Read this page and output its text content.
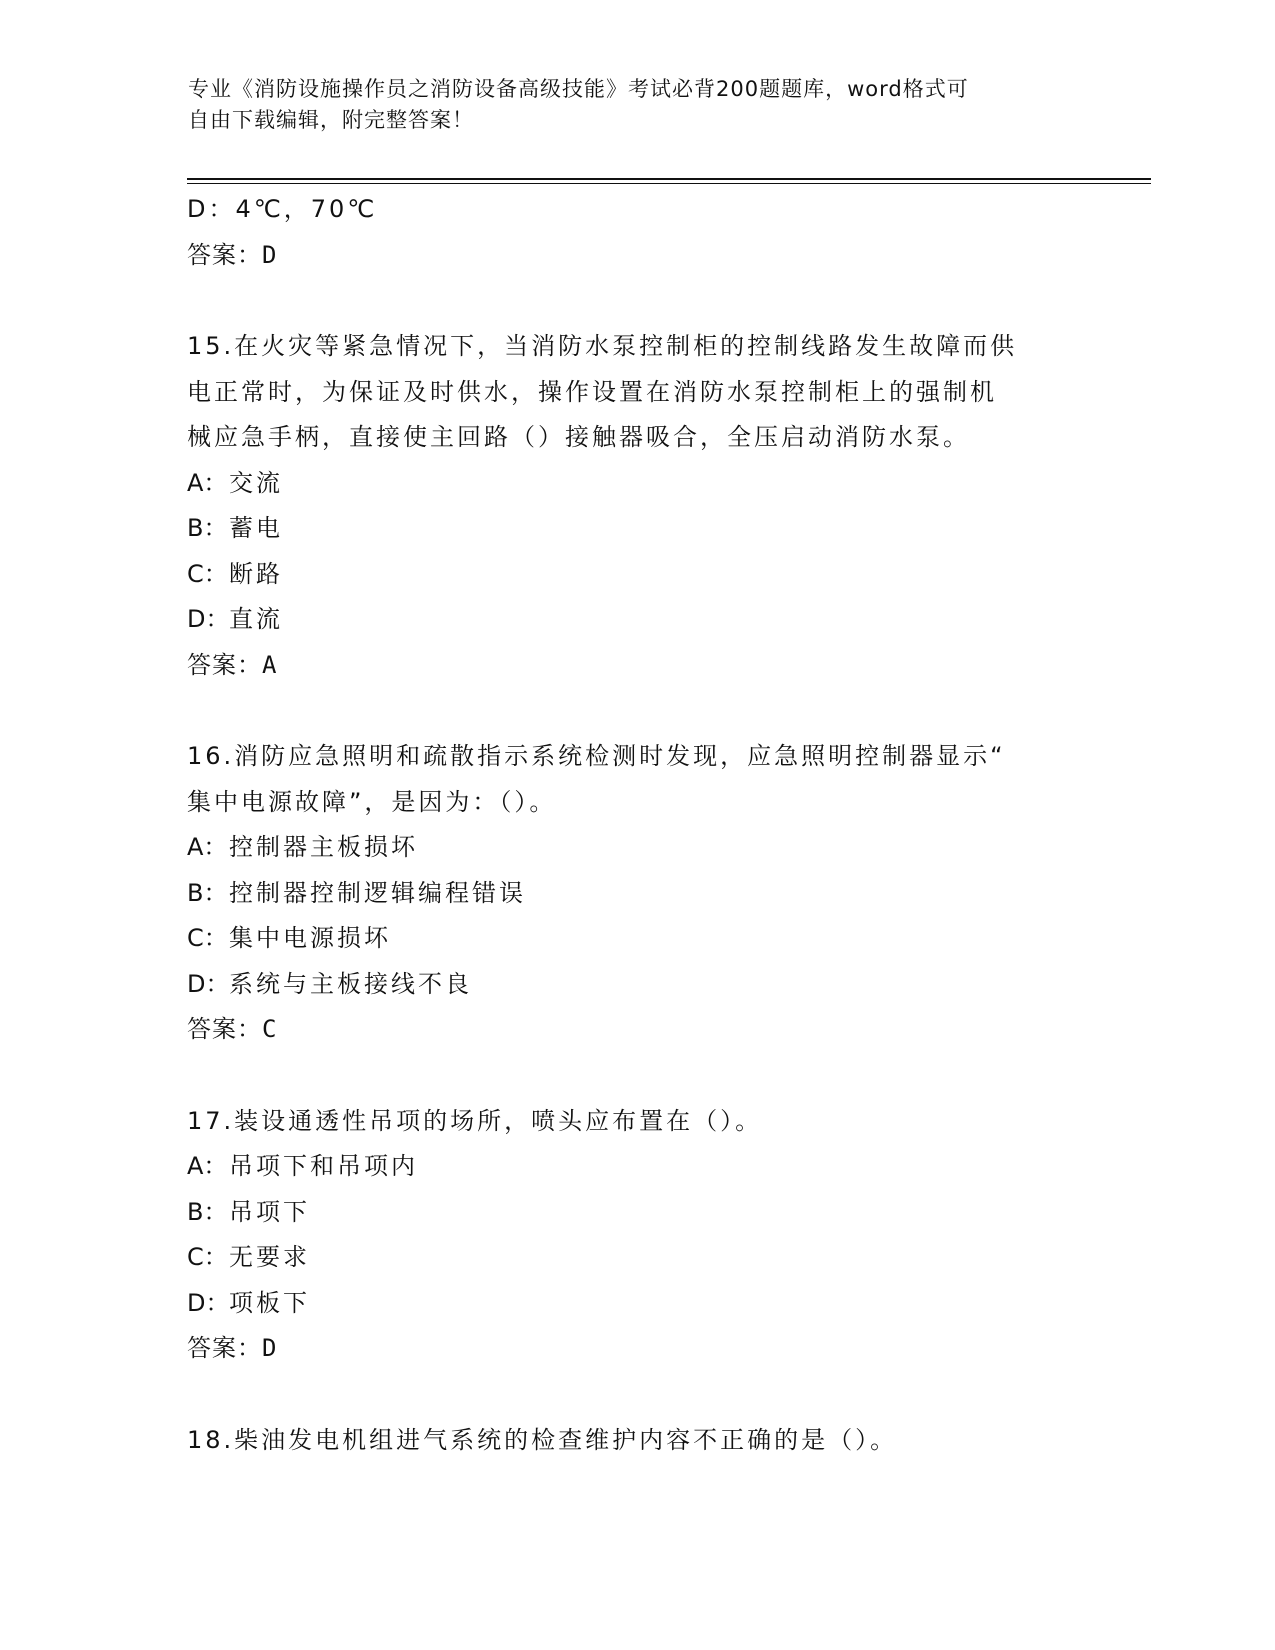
专业《消防设施操作员之消防设备高级技能》考试必背200题题库，word格式可
自由下载编辑，附完整答案！
D：4℃，70℃
答案：D
15.在火灾等紧急情况下，当消防水泵控制柜的控制线路发生故障而供
电正常时，为保证及时供水，操作设置在消防水泵控制柜上的强制机
械应急手柄，直接使主回路（）接触器吸合，全压启动消防水泵。
A：交流
B：蓄电
C：断路
D：直流
答案：A
16.消防应急照明和疏散指示系统检测时发现，应急照明控制器显示“
集中电源故障”，是因为：（）。
A：控制器主板损坏
B：控制器控制逻辑编程错误
C：集中电源损坏
D：系统与主板接线不良
答案：C
17.装设通透性吊项的场所，喷头应布置在（）。
A：吊项下和吊项内
B：吊项下
C：无要求
D：项板下
答案：D
18.柴油发电机组进气系统的检查维护内容不正确的是（）。
